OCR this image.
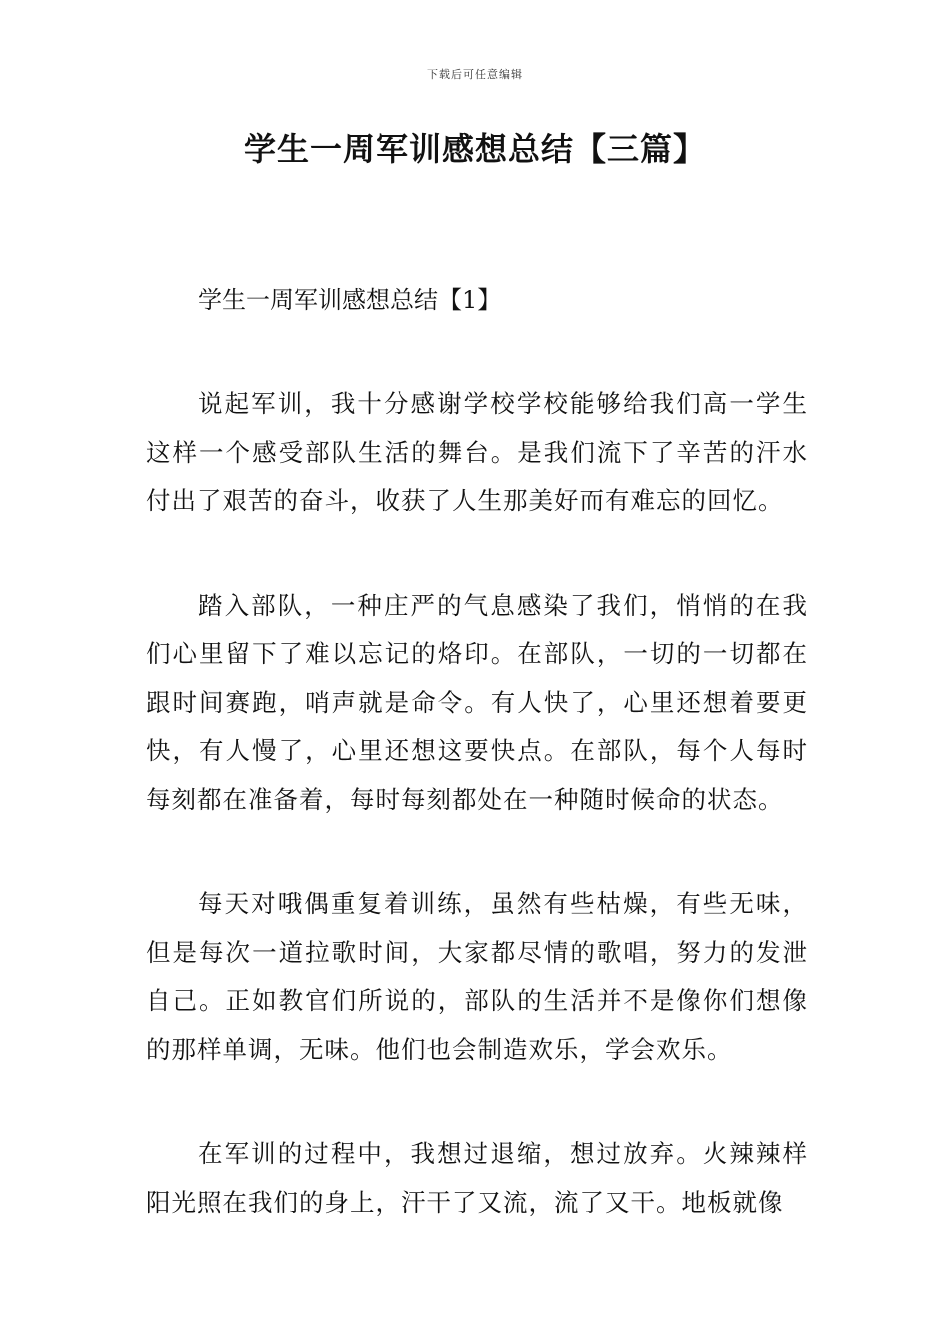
下载后可任意编辑
学生一周军训感想总结【三篇】

学生一周军训感想总结【1】

说起军训，我十分感谢学校学校能够给我们高一学生这样一个感受部队生活的舞台。是我们流下了辛苦的汗水付出了艰苦的奋斗，收获了人生那美好而有难忘的回忆。

踏入部队，一种庄严的气息感染了我们，悄悄的在我们心里留下了难以忘记的烙印。在部队，一切的一切都在跟时间赛跑，哨声就是命令。有人快了，心里还想着要更快，有人慢了，心里还想这要快点。在部队，每个人每时每刻都在准备着，每时每刻都处在一种随时候命的状态。

每天对哦偶重复着训练，虽然有些枯燥，有些无味，但是每次一道拉歌时间，大家都尽情的歌唱，努力的发泄自己。正如教官们所说的，部队的生活并不是像你们想像的那样单调，无味。他们也会制造欢乐，学会欢乐。

在军训的过程中，我想过退缩，想过放弃。火辣辣样阳光照在我们的身上，汗干了又流，流了又干。地板就像
